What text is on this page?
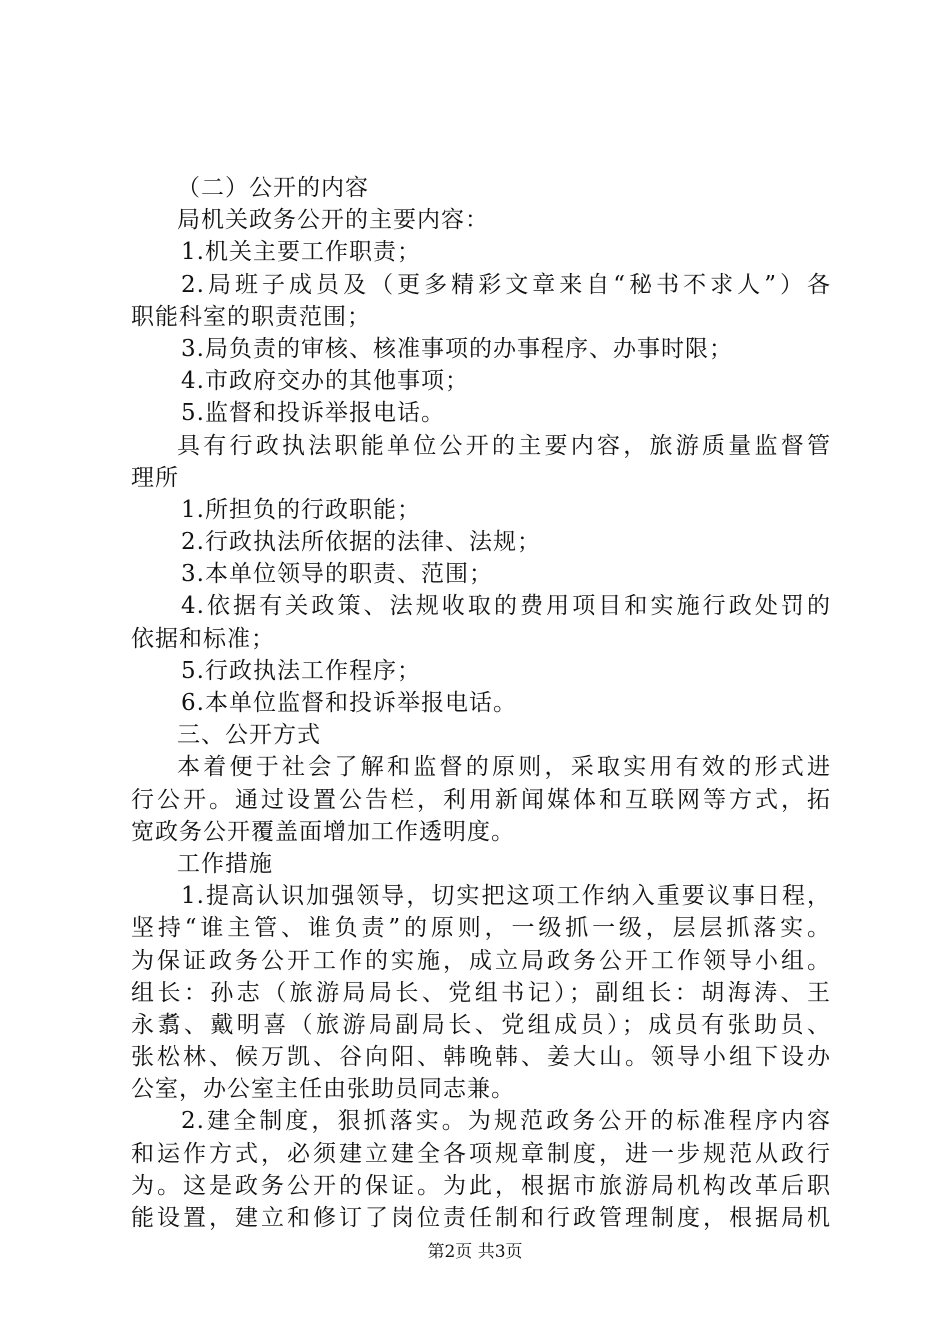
（二）公开的内容
局机关政务公开的主要内容：
1.机关主要工作职责；
2.局班子成员及（更多精彩文章来自“秘书不求人”）各
职能科室的职责范围；
3.局负责的审核、核准事项的办事程序、办事时限；
4.市政府交办的其他事项；
5.监督和投诉举报电话。
具有行政执法职能单位公开的主要内容，旅游质量监督管
理所
1.所担负的行政职能；
2.行政执法所依据的法律、法规；
3.本单位领导的职责、范围；
4.依据有关政策、法规收取的费用项目和实施行政处罚的
依据和标准；
5.行政执法工作程序；
6.本单位监督和投诉举报电话。
三、公开方式
本着便于社会了解和监督的原则，采取实用有效的形式进
行公开。通过设置公告栏，利用新闻媒体和互联网等方式，拓
宽政务公开覆盖面增加工作透明度。
工作措施
1.提高认识加强领导，切实把这项工作纳入重要议事日程，
坚持“谁主管、谁负责”的原则，一级抓一级，层层抓落实。
为保证政务公开工作的实施，成立局政务公开工作领导小组。
组长：孙志（旅游局局长、党组书记）；副组长：胡海涛、王
永翥、戴明喜（旅游局副局长、党组成员）；成员有张助员、
张松林、候万凯、谷向阳、韩晚韩、姜大山。领导小组下设办
公室，办公室主任由张助员同志兼。
2.建全制度，狠抓落实。为规范政务公开的标准程序内容
和运作方式，必须建立建全各项规章制度，进一步规范从政行
为。这是政务公开的保证。为此，根据市旅游局机构改革后职
能设置，建立和修订了岗位责任制和行政管理制度，根据局机
第2页 共3页
